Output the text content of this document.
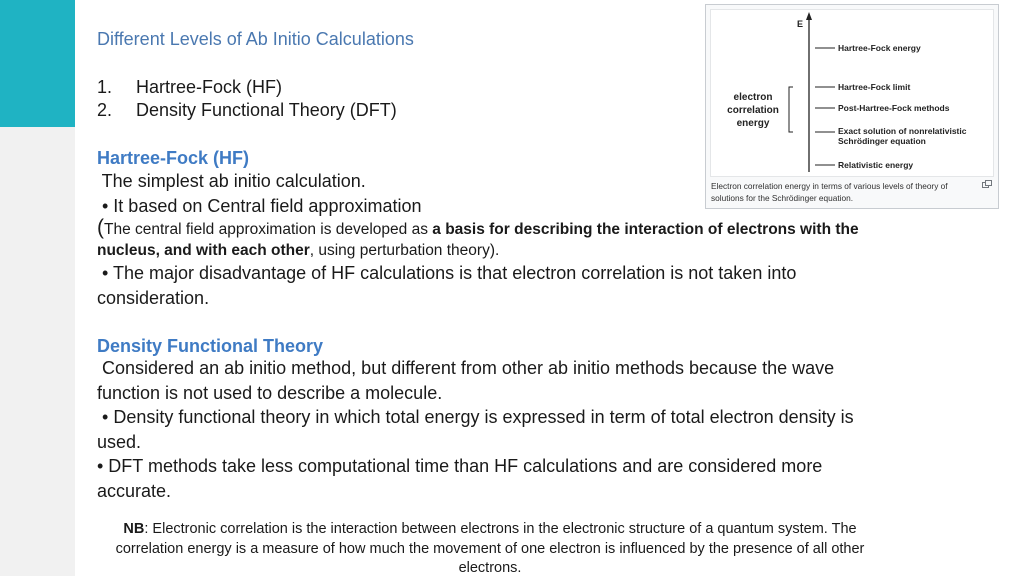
Different Levels of Ab Initio Calculations
1.	Hartree-Fock (HF)
2.	Density Functional Theory (DFT)
Hartree-Fock (HF)
The simplest ab initio calculation.
• It based on Central field approximation
(The central field approximation is developed as a basis for describing the interaction of electrons with the nucleus, and with each other, using perturbation theory).
• The major disadvantage of HF calculations is that electron correlation is not taken into consideration.
Density Functional Theory
Considered an ab initio method, but different from other ab initio methods because the wave function is not used to describe a molecule.
• Density functional theory in which total energy is expressed in term of total electron density is used.
• DFT methods take less computational time than HF calculations and are considered more accurate.
NB: Electronic correlation is the interaction between electrons in the electronic structure of a quantum system. The correlation energy is a measure of how much the movement of one electron is influenced by the presence of all other electrons.
E
Hartree-Fock energy
Hartree-Fock limit
Post-Hartree-Fock methods
Exact solution of nonrelativistic
Schrödinger equation
Relativistic energy
electron
correlation
energy
Electron correlation energy in terms of various levels of theory of solutions for the Schrödinger equation.
